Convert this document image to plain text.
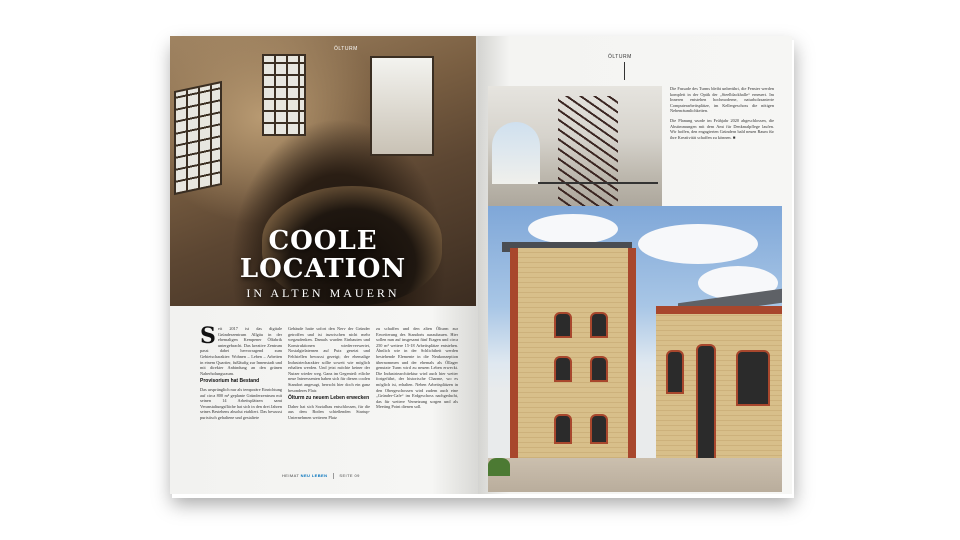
ÖLTURM
COOLE
LOCATION
IN ALTEN MAUERN

Seit 2017 ist das digitale Gründerzentrum Allgäu in der ehemaligen Kempener Ölfabrik untergebracht. Das kreative Zentrum passt dabei hervorragend zum Gebietscharakter: Wohnen – Leben – Arbeiten in einem Quartier, fußläufig zur Innenstadt und mit direkter Anbindung an den grünen Naherholungsraum.

Provisorium hat Bestand

Das ursprünglich nur als temporäre Einrichtung auf circa 800 m² geplante Gründerzentrum mit seinen 14 Arbeitsplätzen samt Veranstaltungsfläche hat sich in den drei Jahren seines Bestehens absolut etabliert. Das bewusst puristisch gehaltene und gestaltete

Gebäude hatte sofort den Nerv der Gründer getroffen und ist inzwischen nicht mehr wegzudenken. Damals wurden Einbauten und Konstruktionen wiederverwertet, Nostalgielaternen auf Putz gesetzt und Fehlstellen bewusst gezeigt; der ehemalige Industriecharakter sollte soweit wie möglich erhalten werden. Und jetzt möchte keiner der Nutzer wieder weg. Ganz im Gegenteil: etliche neue Interessenten haben sich für diesen coolen Standort angesagt, herrscht hier doch ein ganz besonderes Flair.

Ölturm zu neuem Leben erwecken

Daher hat sich Sozialbau entschlossen, für die aus dem Boden schießenden Startup-Unternehmen weiteren Platz

zu schaffen und den alten Ölturm zur Erweiterung des Standorts auszubauen. Hier sollen nun auf insgesamt fünf Etagen und circa 250 m² weitere 15-18 Arbeitsplätze entstehen. Ähnlich wie in der Schlichtheit werden bestehende Elemente in die Neukonzeption übernommen und der ehemals als Öllager genutzte Turm wird zu neuem Leben erweckt. Die Industriearchitektur wird auch hier weiter fortgeführt, der historische Charme, wo es möglich ist, erhalten. Neben Arbeitsplätzen in den Obergeschossen wird zudem auch eine „Gründer-Cafe“ im Erdgeschoss nachgedacht, das für weitere Vernetzung sorgen und als Meeting Point dienen soll.

HEIMAT NEU LEBEN	SEITE 09
ÖLTURM

Die Fassade des Turms bleibt unberührt, die Fenster werden komplett in der Optik der „Steelblackhalle“ erneuert. Im Inneren entstehen hochmoderne, naturholzsanierte Computerarbeitsplätze, im Kellergeschoss die nötigen Nebenräumlichkeiten.

Die Planung wurde im Frühjahr 2020 abgeschlossen, die Abstimmungen mit dem Amt für Denkmalpflege laufen. Wir hoffen, den engagierten Gründern bald neuen Raum für ihre Kreativität schaffen zu können. ■
